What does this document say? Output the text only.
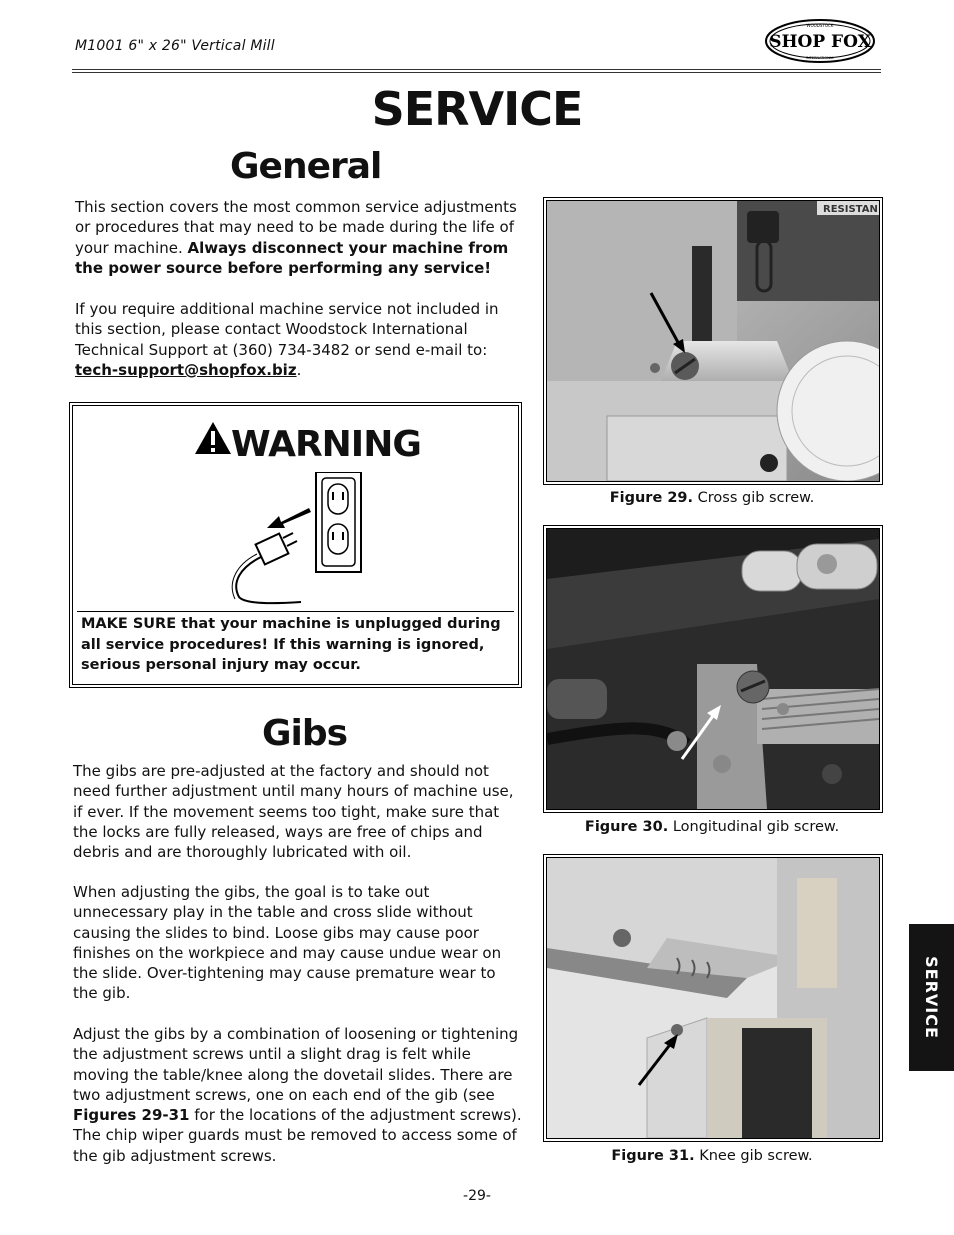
M1001 6" x 26" Vertical Mill	SHOP FOX
WOODSTOCK
INTERNATIONAL
SERVICE
General
This section covers the most common service adjustments or procedures that may need to be made during the life of your machine. Always disconnect your machine from the power source before performing any service!
If you require additional machine service not included in this section, please contact Woodstock International Technical Support at (360) 734-3482 or send e-mail to: tech-support@shopfox.biz.
WARNING
MAKE SURE that your machine is unplugged during all service procedures! If this warning is ignored, serious personal injury may occur.
Gibs
The gibs are pre-adjusted at the factory and should not need further adjustment until many hours of machine use, if ever. If the movement seems too tight, make sure that the locks are fully released, ways are free of chips and debris and are thoroughly lubricated with oil.
When adjusting the gibs, the goal is to take out unnecessary play in the table and cross slide without causing the slides to bind. Loose gibs may cause poor finishes on the workpiece and may cause undue wear on the slide. Over-tightening may cause premature wear to the gib.
Adjust the gibs by a combination of loosening or tightening the adjustment screws until a slight drag is felt while moving the table/knee along the dovetail slides. There are two adjustment screws, one on each end of the gib (see Figures 29-31 for the locations of the adjustment screws). The chip wiper guards must be removed to access some of the gib adjustment screws.
RESISTAN
Figure 29. Cross gib screw.
Figure 30. Longitudinal gib screw.
Figure 31. Knee gib screw.
SERVICE
-29-
